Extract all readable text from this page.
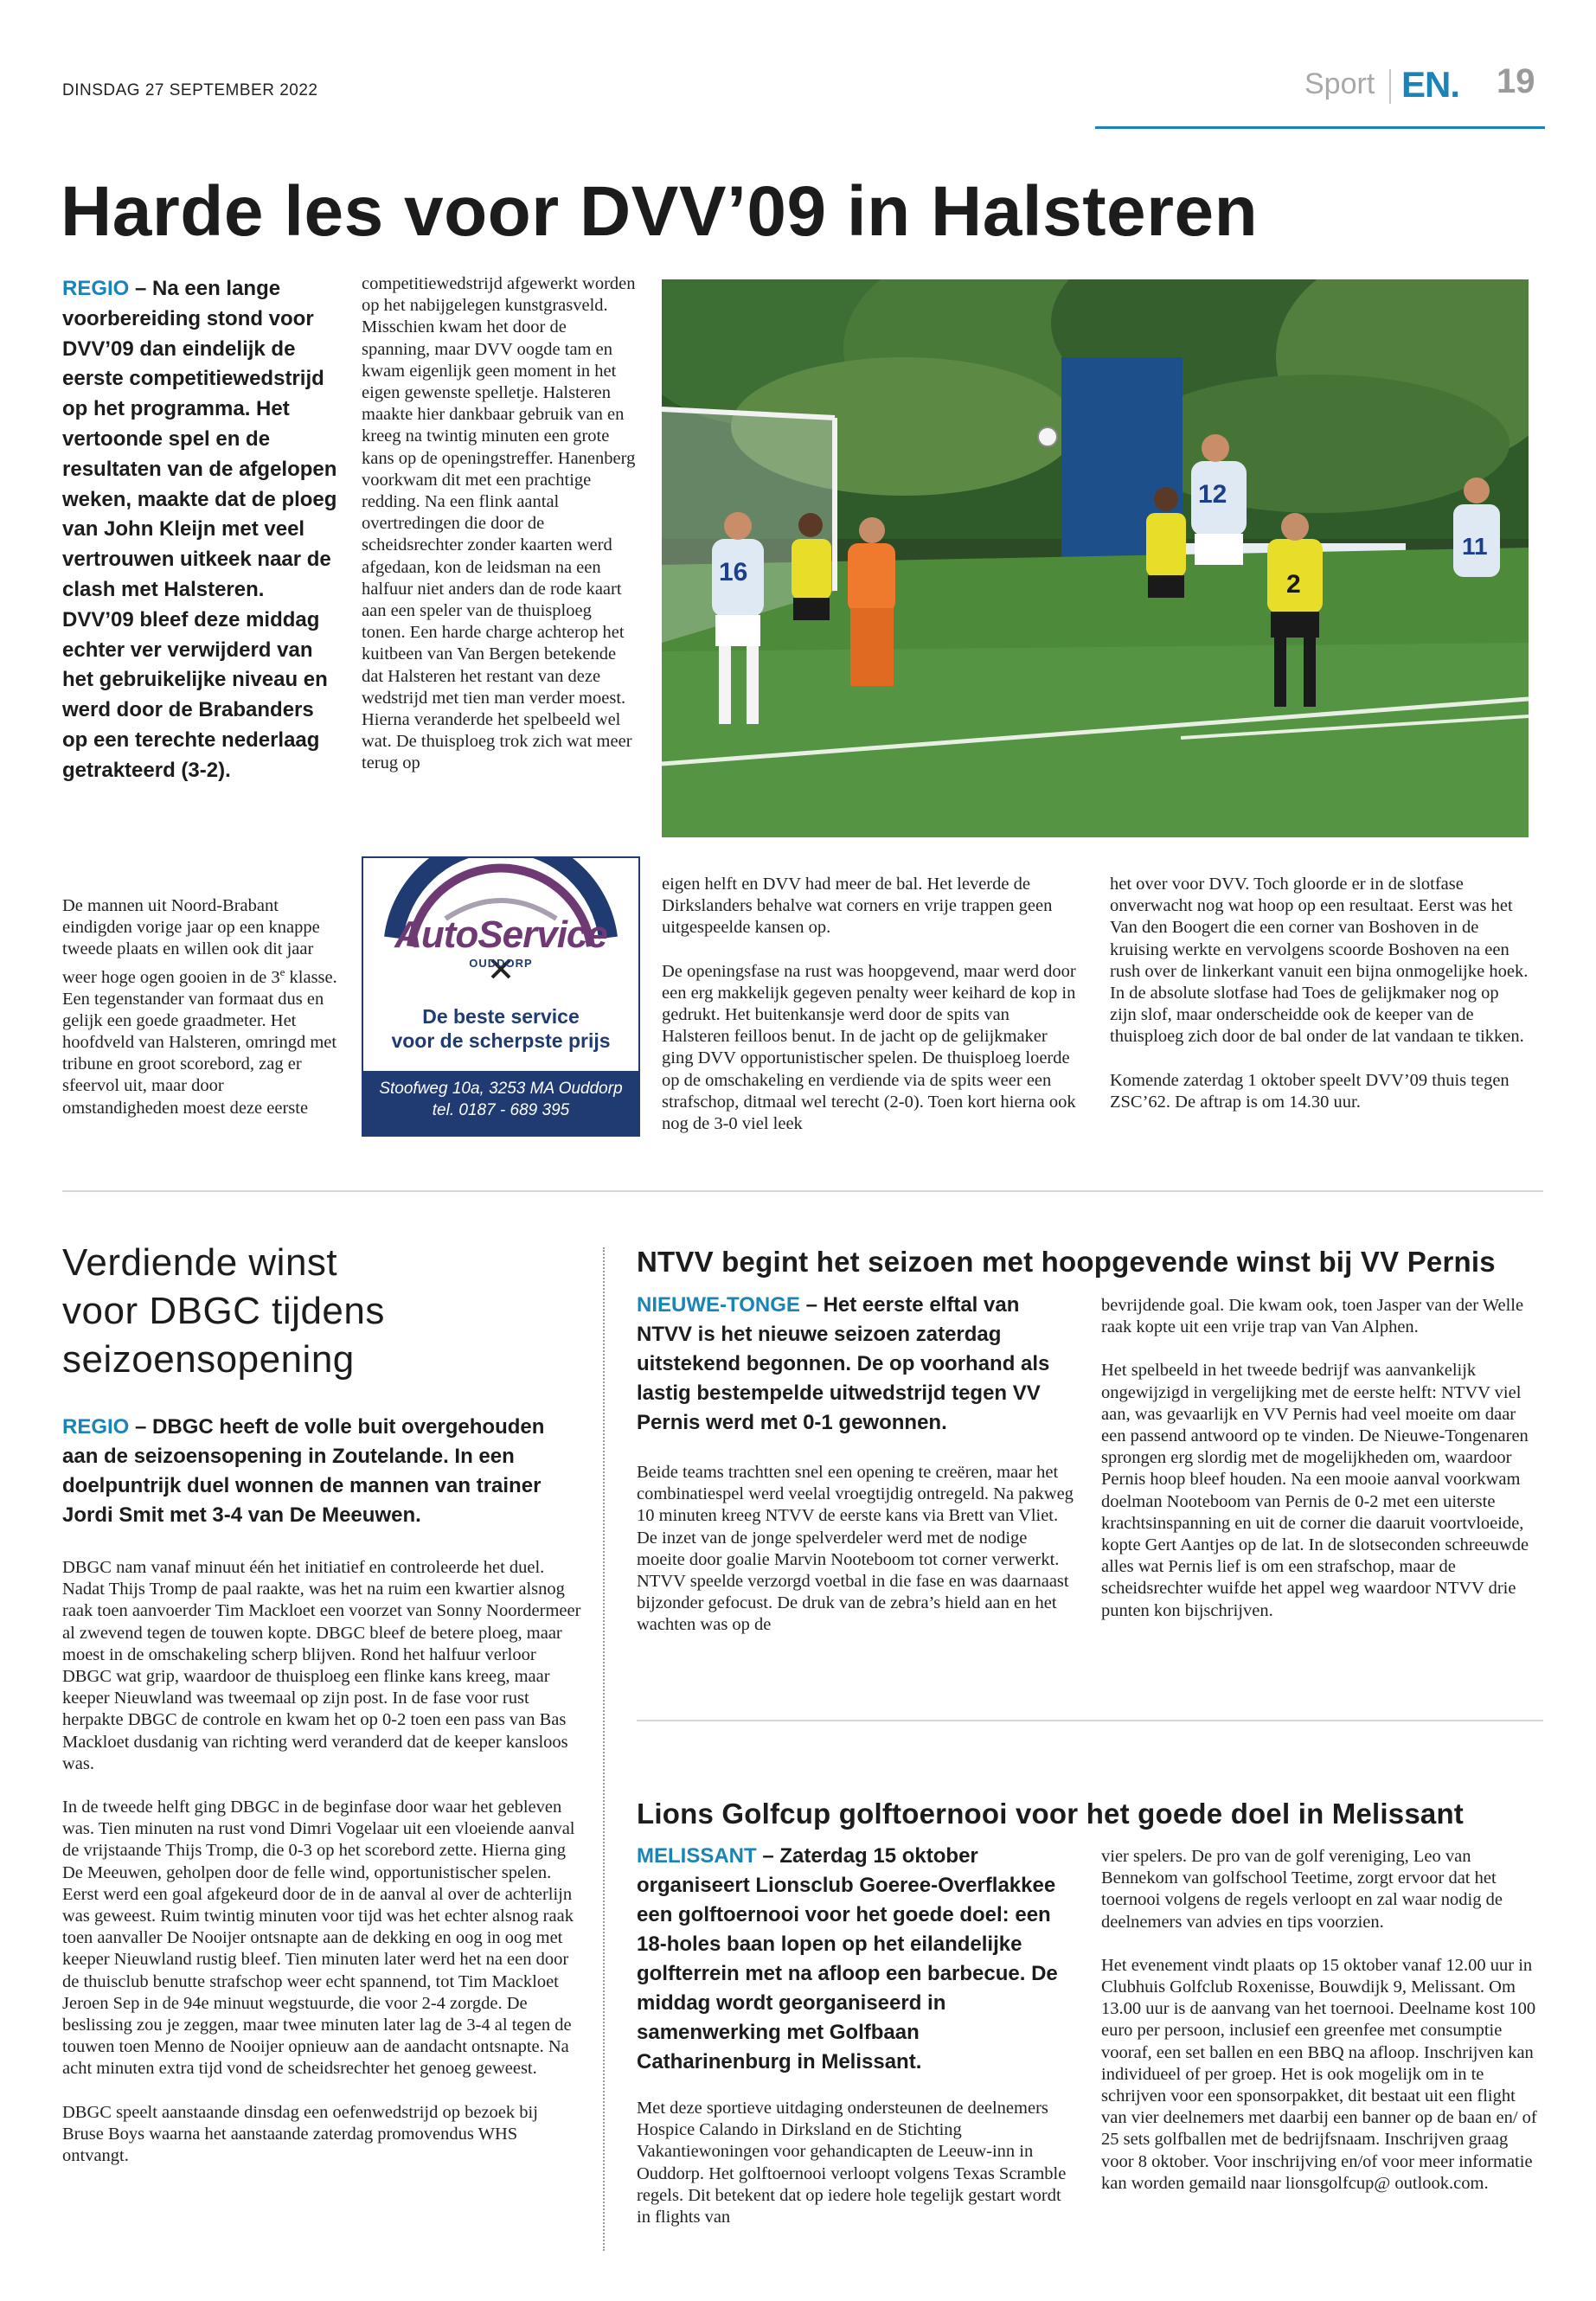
DINSDAG 27 SEPTEMBER 2022	Sport EN. 19
Harde les voor DVV’09 in Halsteren
REGIO – Na een lange voorbereiding stond voor DVV’09 dan eindelijk de eerste competitiewedstrijd op het programma. Het vertoonde spel en de resultaten van de afgelopen weken, maakte dat de ploeg van John Kleijn met veel vertrouwen uitkeek naar de clash met Halsteren. DVV’09 bleef deze middag echter ver verwijderd van het gebruikelijke niveau en werd door de Brabanders op een terechte nederlaag getrakteerd (3-2).
De mannen uit Noord-Brabant eindigden vorige jaar op een knappe tweede plaats en willen ook dit jaar weer hoge ogen gooien in de 3e klasse. Een tegenstander van formaat dus en gelijk een goede graadmeter. Het hoofdveld van Halsteren, omringd met tribune en groot scorebord, zag er sfeervol uit, maar door omstandigheden moest deze eerste
competitiewedstrijd afgewerkt worden op het nabijgelegen kunstgrasveld. Misschien kwam het door de spanning, maar DVV oogde tam en kwam eigenlijk geen moment in het eigen gewenste spelletje. Halsteren maakte hier dankbaar gebruik van en kreeg na twintig minuten een grote kans op de openingstreffer. Hanenberg voorkwam dit met een prachtige redding. Na een flink aantal overtredingen die door de scheidsrechter zonder kaarten werd afgedaan, kon de leidsman na een halfuur niet anders dan de rode kaart aan een speler van de thuisploeg tonen. Een harde charge achterop het kuitbeen van Van Bergen betekende dat Halsteren het restant van deze wedstrijd met tien man verder moest. Hierna veranderde het spelbeeld wel wat. De thuisploeg trok zich wat meer terug op
AutoService
OUDDORP
De beste service
voor de scherpste prijs
Stoofweg 10a, 3253 MA Ouddorp
tel. 0187 - 689 395
16
12
2
11

eigen helft en DVV had meer de bal. Het leverde de Dirkslanders behalve wat corners en vrije trappen geen uitgespeelde kansen op.

De openingsfase na rust was hoopgevend, maar werd door een erg makkelijk gegeven penalty weer keihard de kop in gedrukt. Het buitenkansje werd door de spits van Halsteren feilloos benut. In de jacht op de gelijkmaker ging DVV opportunistischer spelen. De thuisploeg loerde op de omschakeling en verdiende via de spits weer een strafschop, ditmaal wel terecht (2-0). Toen kort hierna ook nog de 3-0 viel leek

het over voor DVV. Toch gloorde er in de slotfase onverwacht nog wat hoop op een resultaat. Eerst was het Van den Boogert die een corner van Boshoven in de kruising werkte en vervolgens scoorde Boshoven na een rush over de linkerkant vanuit een bijna onmogelijke hoek. In de absolute slotfase had Toes de gelijkmaker nog op zijn slof, maar onderscheidde ook de keeper van de thuisploeg zich door de bal onder de lat vandaan te tikken.

Komende zaterdag 1 oktober speelt DVV’09 thuis tegen ZSC’62. De aftrap is om 14.30 uur.

Verdiende winst
voor DBGC tijdens
seizoensopening
REGIO – DBGC heeft de volle buit overgehouden aan de seizoensopening in Zoutelande. In een doelpuntrijk duel wonnen de mannen van trainer Jordi Smit met 3-4 van De Meeuwen.

DBGC nam vanaf minuut één het initiatief en controleerde het duel. Nadat Thijs Tromp de paal raakte, was het na ruim een kwartier alsnog raak toen aanvoerder Tim Mackloet een voorzet van Sonny Noordermeer al zwevend tegen de touwen kopte. DBGC bleef de betere ploeg, maar moest in de omschakeling scherp blijven. Rond het halfuur verloor DBGC wat grip, waardoor de thuisploeg een flinke kans kreeg, maar keeper Nieuwland was tweemaal op zijn post. In de fase voor rust herpakte DBGC de controle en kwam het op 0-2 toen een pass van Bas Mackloet dusdanig van richting werd veranderd dat de keeper kansloos was.

In de tweede helft ging DBGC in de beginfase door waar het gebleven was. Tien minuten na rust vond Dimri Vogelaar uit een vloeiende aanval de vrijstaande Thijs Tromp, die 0-3 op het scorebord zette. Hierna ging De Meeuwen, geholpen door de felle wind, opportunistischer spelen. Eerst werd een goal afgekeurd door de in de aanval al over de achterlijn was geweest. Ruim twintig minuten voor tijd was het echter alsnog raak toen aanvaller De Nooijer ontsnapte aan de dekking en oog in oog met keeper Nieuwland rustig bleef. Tien minuten later werd het na een door de thuisclub benutte strafschop weer echt spannend, tot Tim Mackloet Jeroen Sep in de 94e minuut wegstuurde, die voor 2-4 zorgde. De beslissing zou je zeggen, maar twee minuten later lag de 3-4 al tegen de touwen toen Menno de Nooijer opnieuw aan de aandacht ontsnapte. Na acht minuten extra tijd vond de scheidsrechter het genoeg geweest.

DBGC speelt aanstaande dinsdag een oefenwedstrijd op bezoek bij Bruse Boys waarna het aanstaande zaterdag promovendus WHS ontvangt.

NTVV begint het seizoen met hoopgevende winst bij VV Pernis
NIEUWE-TONGE – Het eerste elftal van NTVV is het nieuwe seizoen zaterdag uitstekend begonnen. De op voorhand als lastig bestempelde uitwedstrijd tegen VV Pernis werd met 0-1 gewonnen.
Beide teams trachtten snel een opening te creëren, maar het combinatiespel werd veelal vroegtijdig ontregeld. Na pakweg 10 minuten kreeg NTVV de eerste kans via Brett van Vliet. De inzet van de jonge spelverdeler werd met de nodige moeite door goalie Marvin Nooteboom tot corner verwerkt. NTVV speelde verzorgd voetbal in die fase en was daarnaast bijzonder gefocust. De druk van de zebra’s hield aan en het wachten was op de

bevrijdende goal. Die kwam ook, toen Jasper van der Welle raak kopte uit een vrije trap van Van Alphen.

Het spelbeeld in het tweede bedrijf was aanvankelijk ongewijzigd in vergelijking met de eerste helft: NTVV viel aan, was gevaarlijk en VV Pernis had veel moeite om daar een passend antwoord op te vinden. De Nieuwe-Tongenaren sprongen erg slordig met de mogelijkheden om, waardoor Pernis hoop bleef houden. Na een mooie aanval voorkwam doelman Nooteboom van Pernis de 0-2 met een uiterste krachtsinspanning en uit de corner die daaruit voortvloeide, kopte Gert Aantjes op de lat. In de slotseconden schreeuwde alles wat Pernis lief is om een strafschop, maar de scheidsrechter wuifde het appel weg waardoor NTVV drie punten kon bijschrijven.

Lions Golfcup golftoernooi voor het goede doel in Melissant
MELISSANT – Zaterdag 15 oktober organiseert Lionsclub Goeree-Overflakkee een golftoernooi voor het goede doel: een 18-holes baan lopen op het eilandelijke golfterrein met na afloop een barbecue. De middag wordt georganiseerd in samenwerking met Golfbaan Catharinenburg in Melissant.
Met deze sportieve uitdaging ondersteunen de deelnemers Hospice Calando in Dirksland en de Stichting Vakantiewoningen voor gehandicapten de Leeuw-inn in Ouddorp. Het golftoernooi verloopt volgens Texas Scramble regels. Dit betekent dat op iedere hole tegelijk gestart wordt in flights van

vier spelers. De pro van de golf vereniging, Leo van Bennekom van golfschool Teetime, zorgt ervoor dat het toernooi volgens de regels verloopt en zal waar nodig de deelnemers van advies en tips voorzien.

Het evenement vindt plaats op 15 oktober vanaf 12.00 uur in Clubhuis Golfclub Roxenisse, Bouwdijk 9, Melissant. Om 13.00 uur is de aanvang van het toernooi. Deelname kost 100 euro per persoon, inclusief een greenfee met consumptie vooraf, een set ballen en een BBQ na afloop. Inschrijven kan individueel of per groep. Het is ook mogelijk om in te schrijven voor een sponsorpakket, dit bestaat uit een flight van vier deelnemers met daarbij een banner op de baan en/ of 25 sets golfballen met de bedrijfsnaam. Inschrijven graag voor 8 oktober. Voor inschrijving en/of voor meer informatie kan worden gemaild naar lionsgolfcup@ outlook.com.
